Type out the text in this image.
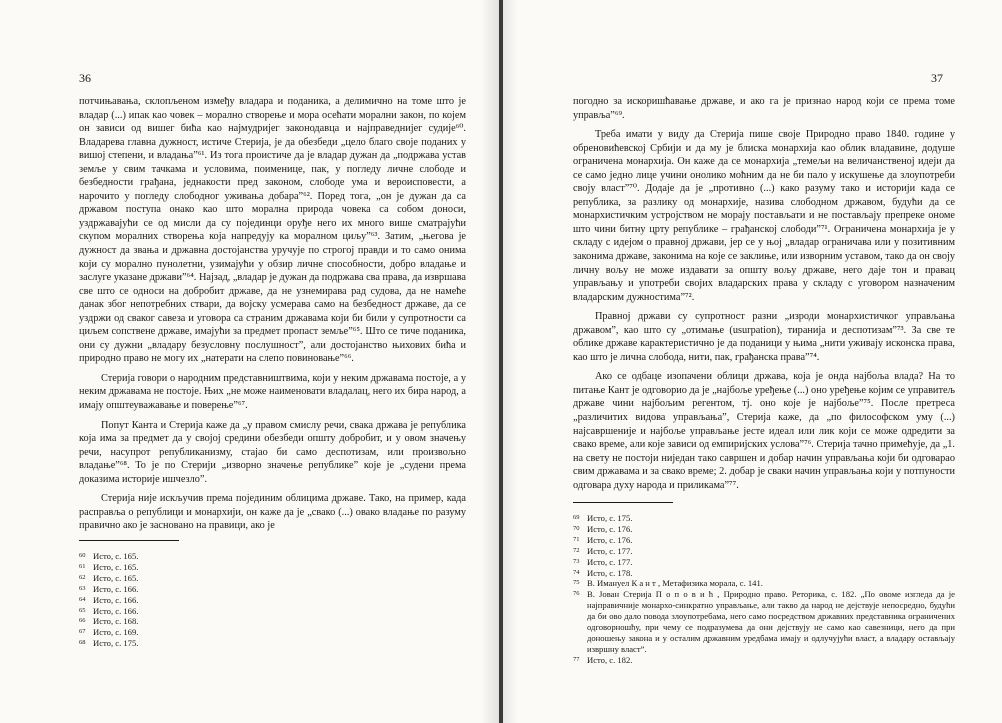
36

потчињавања, склопљеном између владара и поданика, а делимично на томе што је владар (...) ипак као човек – морално створење и мора осећати морални закон, по којем он зависи од вишег бића као најмудријег законодавца и најправеднијег судије⁶⁰. Владарева главна дужност, истиче Стерија, је да обезбеди „цело благо своје поданих у вишој степени, и владања”⁶¹. Из тога проистиче да је владар дужан да „подржава устав земље у свим тачкама и условима, поименице, пак, у погледу личне слободе и безбедности грађана, једнакости пред законом, слободе ума и вероисповести, а нарочито у погледу слободног уживања добара”⁶². Поред тога, „он је дужан да са државом поступа онако као што морална природа човека са собом доноси, уздржавајући се од мисли да су појединци оруђе него их много више сматрајући скупом моралних створења која напредују ка моралном циљу”⁶³. Затим, „његова је дужност да звања и државна достојанства уручује по строгој правди и то само онима који су морално пунолетни, узимајући у обзир личне способности, добро владање и заслуге указане држави”⁶⁴. Најзад, „владар је дужан да подржава сва права, да извршава све што се односи на добробит државе, да не узнемирава рад судова, да не намеће данак због непотребних ствари, да војску усмерава само на безбедност државе, да се уздржи од сваког савеза и уговора са страним државама који би били у супротности са циљем сопствене државе, имајући за предмет пропаст земље”⁶⁵. Што се тиче поданика, они су дужни „владару безусловну послушност”, али достојанство њихових бића и природно право не могу их „натерати на слепо повиновање”⁶⁶.

Стерија говори о народним представништвима, који у неким државама постоје, а у неким државама не постоје. Њих „не може наименовати владалац, него их бира народ, а имају општеуважавање и поверење”⁶⁷.

Попут Канта и Стерија каже да „у правом смислу речи, свака држава је република која има за предмет да у својој средини обезбеди општу добробит, и у овом значењу речи, насупрот републиканизму, стајао би само деспотизам, или произвољно владање”⁶⁸. То је по Стерији „изворно значење републике” које је „судени према доказима историје ишчезло”.

Стерија није искључив према појединим облицима државе. Тако, на пример, када расправља о републици и монархији, он каже да је „свако (...) овако владање по разуму правично ако је засновано на правици, ако је

60 Исто, с. 165.
61 Исто, с. 165.
62 Исто, с. 165.
63 Исто, с. 166.
64 Исто, с. 166.
65 Исто, с. 166.
66 Исто, с. 168.
67 Исто, с. 169.
68 Исто, с. 175.
37

погодно за искоришћавање државе, и ако га је признао народ који се према томе управља”⁶⁹.

Треба имати у виду да Стерија пише своје Природно право 1840. године у обреновићевској Србији и да му је блиска монархија као облик владавине, додуше ограничена монархија. Он каже да се монархија „темељи на величанственој идеји да се само једно лице учини онолико моћним да не би пало у искушење да злоупотреби своју власт”⁷⁰. Додаје да је „противно (...) како разуму тако и историји када се република, за разлику од монархије, назива слободном државом, будући да се монархистичким устројством не морају постављати и не постављају препреке ономе што чини битну црту републике – грађанској слободи”⁷¹. Ограничена монархија је у складу с идејом о правној држави, јер се у њој „владар ограничава или у позитивним законима државе, законима на које се заклиње, или изворним уставом, тако да он своју личну вољу не може издавати за општу вољу државе, него даје тон и правац управљању и употреби својих владарских права у складу с уговором назначеним владарским дужностима”⁷².

Правној држави су супротност разни „изроди монархистичког управљања државом”, као што су „отимање (usurpation), тиранија и деспотизам”⁷³. За све те облике државе карактеристично је да поданици у њима „нити уживају исконска права, као што је лична слобода, нити, пак, грађанска права”⁷⁴.

Ако се одбаце изопачени облици држава, која је онда најбоља влада? На то питање Кант је одговорио да је „најбоље уређење (...) оно уређење којим се управитељ државе чини најбољим регентом, тј. оно које је најбоље”⁷⁵. После претреса „различитих видова управљања”, Стерија каже, да „по философском уму (...) најсавршеније и најбоље управљање јесте идеал или лик који се може одредити за свако време, али које зависи од емпиријских услова”⁷⁶. Стерија тачно примећује, да „1. на свету не постоји ниједан тако савршен и добар начин управљања који би одговарао свим државама и за свако време; 2. добар је сваки начин управљања који у потпуности одговара духу народа и приликама”⁷⁷.

69 Исто, с. 175.
70 Исто, с. 176.
71 Исто, с. 176.
72 Исто, с. 177.
73 Исто, с. 177.
74 Исто, с. 178.
75 В. Имануел К а н т , Метафизика морала, с. 141.
76 В. Јован Стерија П о п о в и ћ , Природно право. Реторика, с. 182. „По овоме изгледа да је најправичније монархо-синкратно управљање, али такво да народ не дејствује непосредно, будући да би ово дало повода злоупотребама, него само посредством државних представника ограничених одговорношћу, при чему се подразумева да они дејствују не само као савезници, него да при доношењу закона и у осталим државним уредбама имају и одлучујући власт, а владару остављају извршну власт”.
77 Исто, с. 182.
